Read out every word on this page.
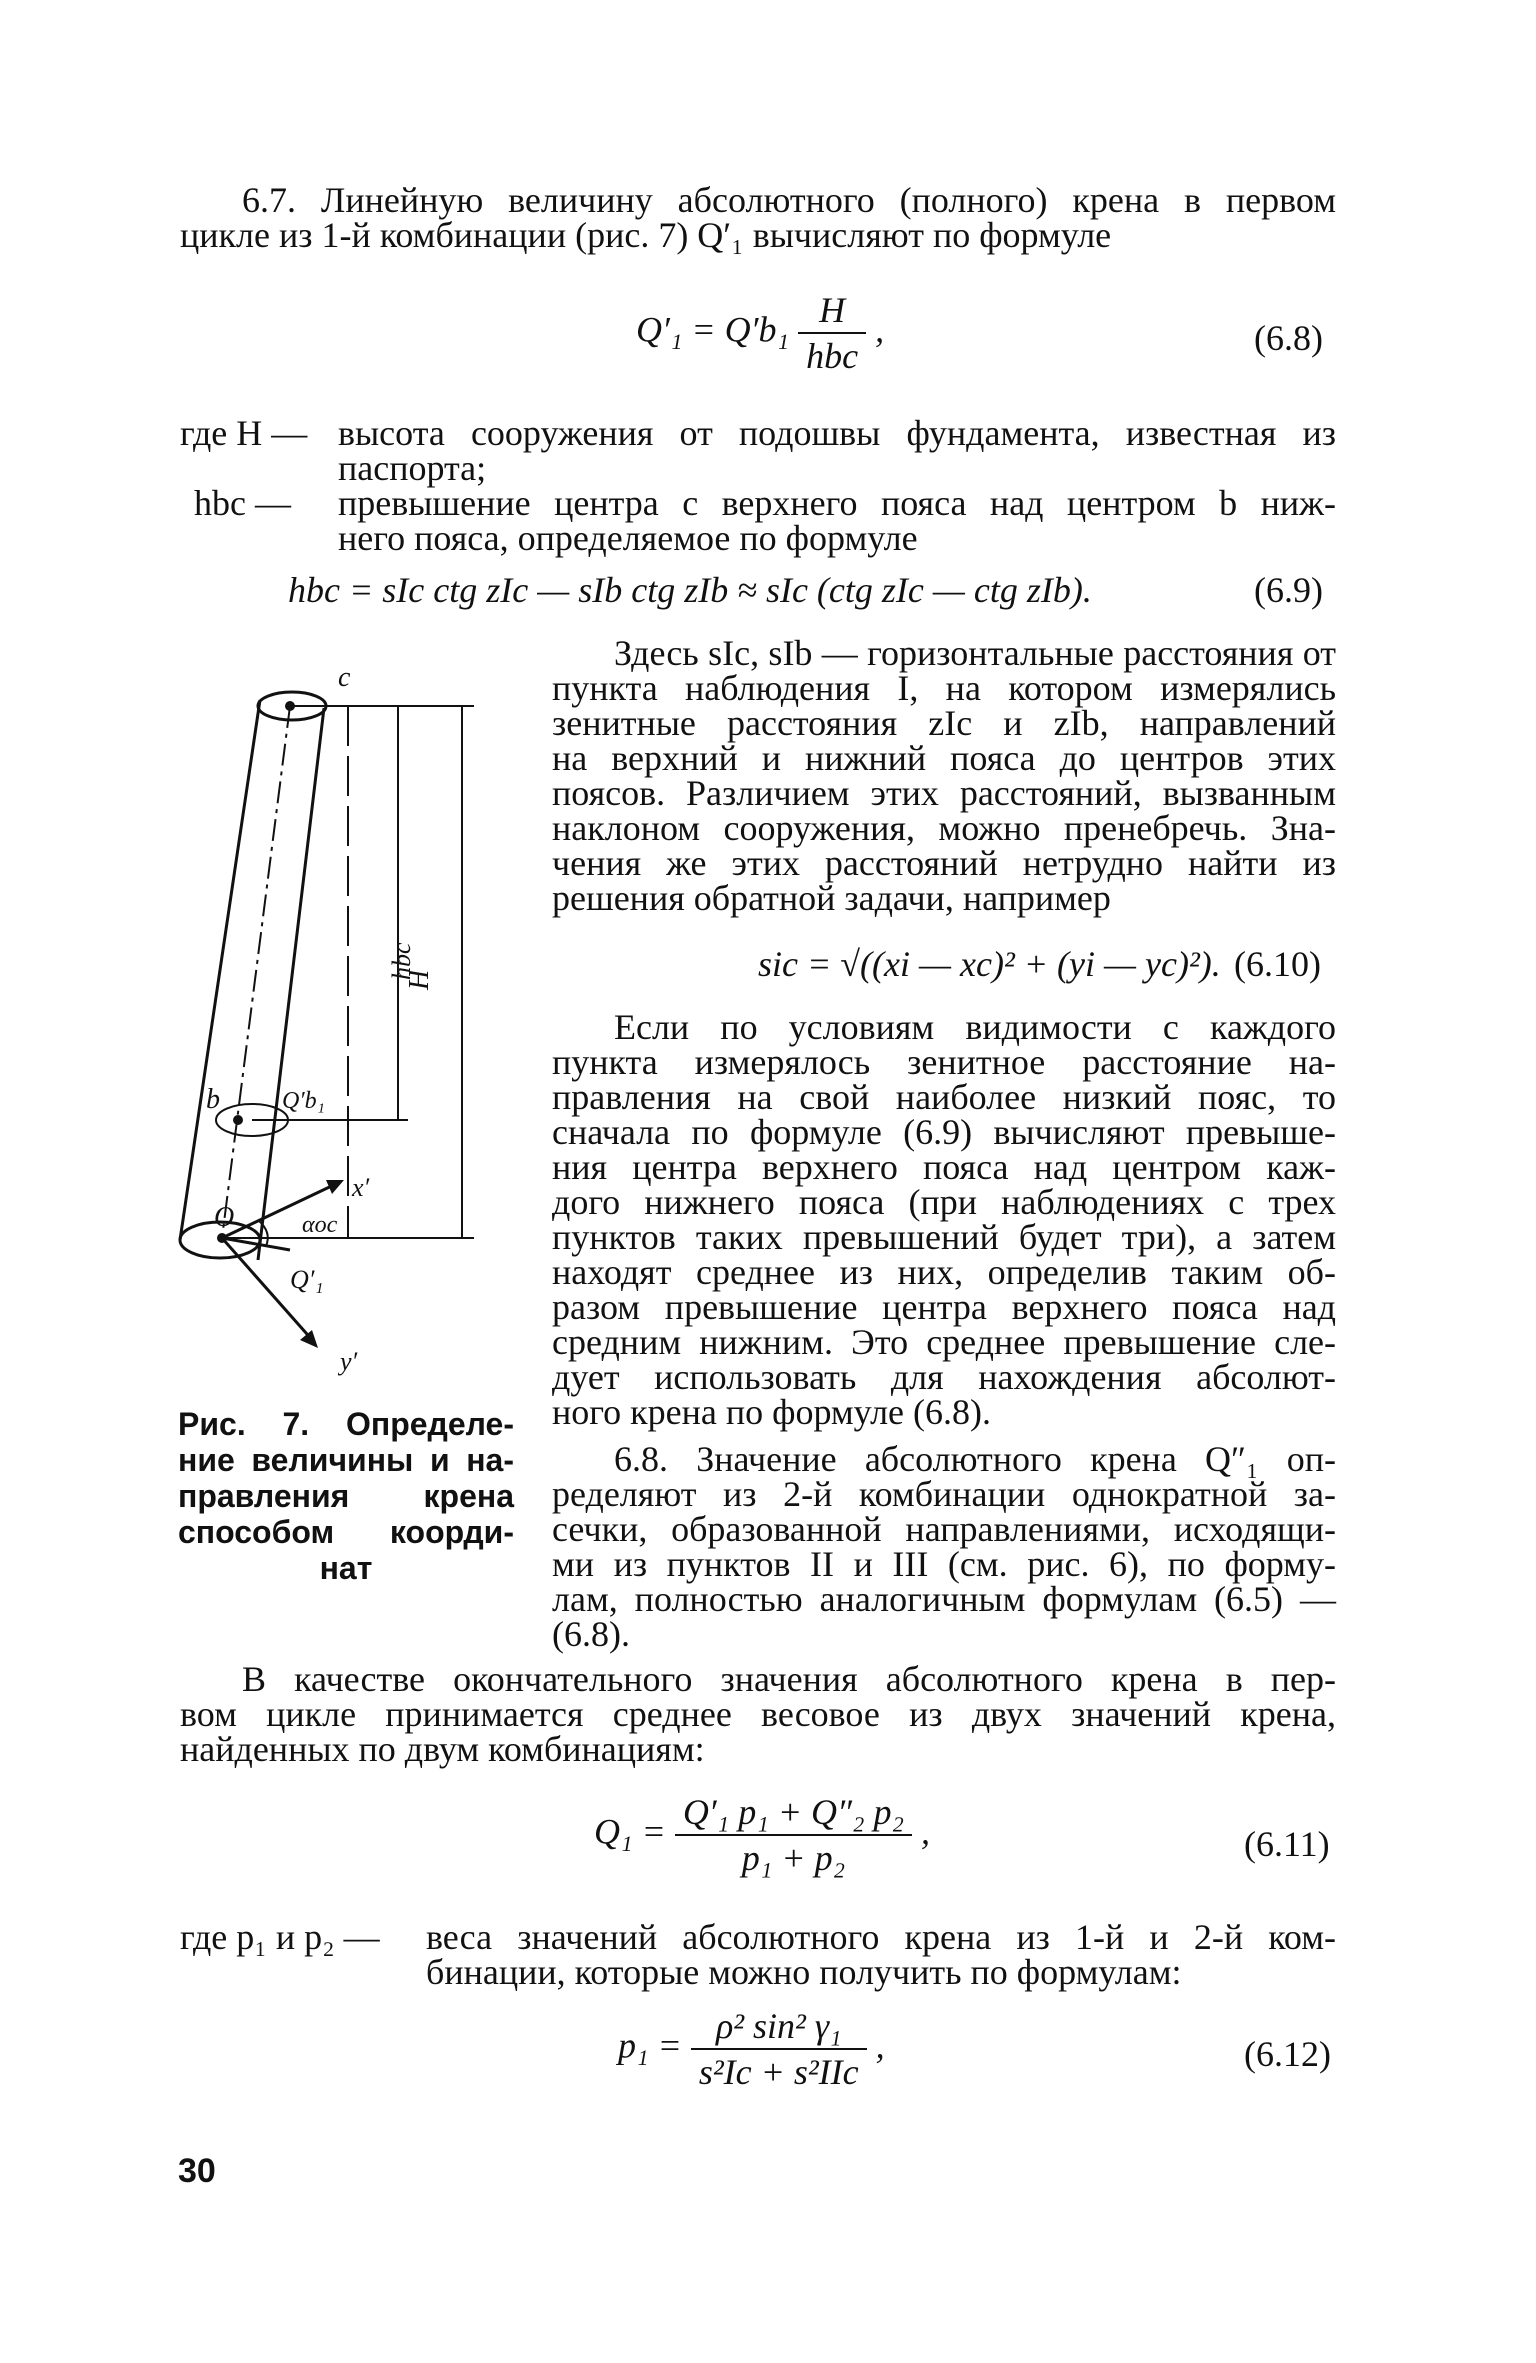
6.7. Линейную величину абсолютного (полного) крена в первом
цикле из 1-й комбинации (рис. 7) Q′₁ вычисляют по формуле
$Q'_1 = Q'b_1 \frac{H}{\text{hbc}}$ ,	(6.8)
где H — высота сооружения от подошвы фундамента, известная из
паспорта;
hbc — превышение центра c верхнего пояса над центром b ниж-
него пояса, определяемое по формуле
hbc = sIc ctg zIc — sIb ctg zIb ≈ sIc (ctg zIc — ctg zIb).	(6.9)
Здесь sIc, sIb — горизонтальные расстояния от
пункта наблюдения I, на котором измерялись
зенитные расстояния zIc и zIb, направлений
на верхний и нижний пояса до центров этих
поясов. Различием этих расстояний, вызванным
наклоном сооружения, можно пренебречь. Зна-
чения же этих расстояний нетрудно найти из
решения обратной задачи, например
sic = √((xi — xc)² + (yi — yc)²). (6.10)
Если по условиям видимости с каждого
пункта измерялось зенитное расстояние на-
правления на свой наиболее низкий пояс, то
сначала по формуле (6.9) вычисляют превыше-
ния центра верхнего пояса над центром каж-
дого нижнего пояса (при наблюдениях с трех
пунктов таких превышений будет три), а затем
находят среднее из них, определив таким об-
разом превышение центра верхнего пояса над
средним нижним. Это среднее превышение сле-
дует использовать для нахождения абсолют-
ного крена по формуле (6.8).
6.8. Значение абсолютного крена Q″₁ оп-
ределяют из 2-й комбинации однократной за-
сечки, образованной направлениями, исходящи-
ми из пунктов II и III (см. рис. 6), по форму-
лам, полностью аналогичным формулам (6.5) —
(6.8).
c
hbc
H
b	Q′b₁
x′
O	αoc
Q′₁
y′
Рис. 7. Определе-
ние величины и на-
правления крена
способом коорди-
нат
В качестве окончательного значения абсолютного крена в пер-
вом цикле принимается среднее весовое из двух значений крена,
найденных по двум комбинациям:
$Q_1 = \frac{\text{Q′₁ p₁ + Q″₂ p₂}}{\text{p₁ + p₂}}$ ,	(6.11)
где p₁ и p₂ — веса значений абсолютного крена из 1-й и 2-й ком-
бинации, которые можно получить по формулам:
$p_1 = \frac{\text{ρ² sin² γ₁}}{\text{s²Ic + s²IIc}}$ ,	(6.12)
30
